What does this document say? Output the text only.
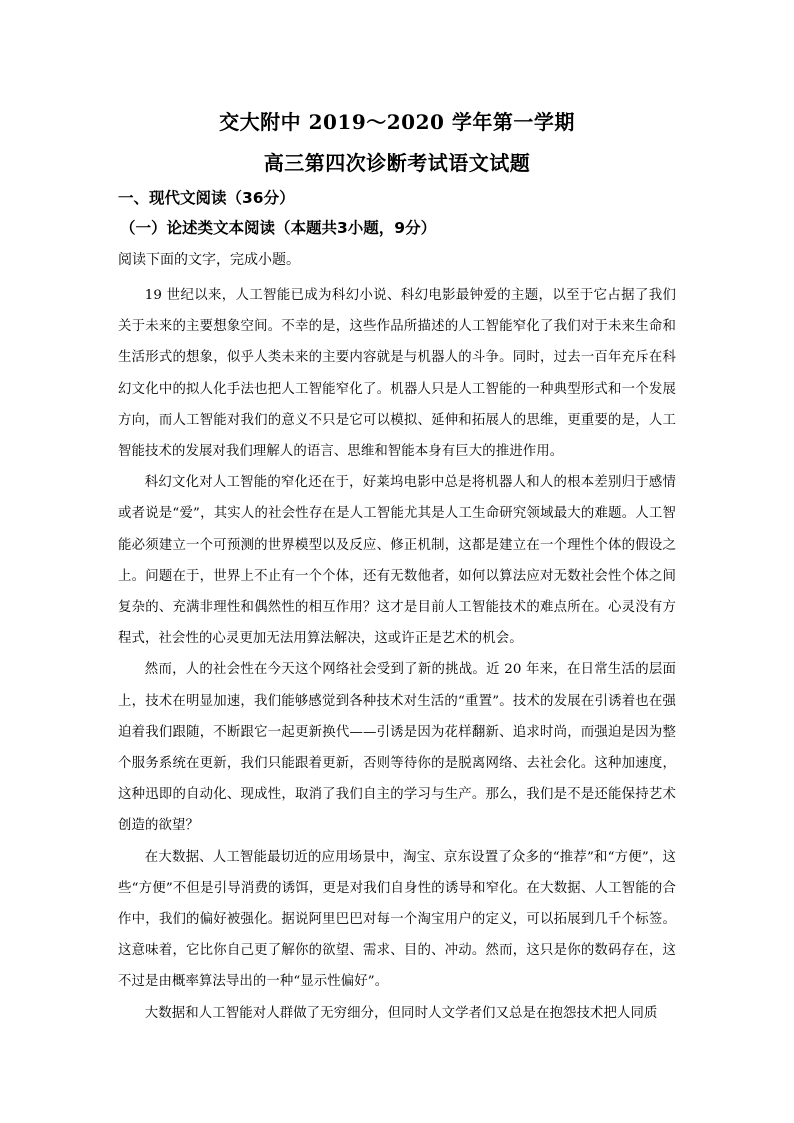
交大附中 2019～2020 学年第一学期
高三第四次诊断考试语文试题
一、现代文阅读（36分）
（一）论述类文本阅读（本题共3小题，9分）
阅读下面的文字，完成小题。

19 世纪以来，人工智能已成为科幻小说、科幻电影最钟爱的主题，以至于它占据了我们关于未来的主要想象空间。不幸的是，这些作品所描述的人工智能窄化了我们对于未来生命和生活形式的想象，似乎人类未来的主要内容就是与机器人的斗争。同时，过去一百年充斥在科幻文化中的拟人化手法也把人工智能窄化了。机器人只是人工智能的一种典型形式和一个发展方向，而人工智能对我们的意义不只是它可以模拟、延伸和拓展人的思维，更重要的是，人工智能技术的发展对我们理解人的语言、思维和智能本身有巨大的推进作用。

科幻文化对人工智能的窄化还在于，好莱坞电影中总是将机器人和人的根本差别归于感情或者说是“爱”，其实人的社会性存在是人工智能尤其是人工生命研究领域最大的难题。人工智能必须建立一个可预测的世界模型以及反应、修正机制，这都是建立在一个理性个体的假设之上。问题在于，世界上不止有一个个体，还有无数他者，如何以算法应对无数社会性个体之间复杂的、充满非理性和偶然性的相互作用？这才是目前人工智能技术的难点所在。心灵没有方程式，社会性的心灵更加无法用算法解决，这或许正是艺术的机会。

然而，人的社会性在今天这个网络社会受到了新的挑战。近 20 年来，在日常生活的层面上，技术在明显加速，我们能够感觉到各种技术对生活的“重置”。技术的发展在引诱着也在强迫着我们跟随，不断跟它一起更新换代——引诱是因为花样翻新、追求时尚，而强迫是因为整个服务系统在更新，我们只能跟着更新，否则等待你的是脱离网络、去社会化。这种加速度，这种迅即的自动化、现成性，取消了我们自主的学习与生产。那么，我们是不是还能保持艺术创造的欲望？

在大数据、人工智能最切近的应用场景中，淘宝、京东设置了众多的“推荐”和“方便”，这些“方便”不但是引导消费的诱饵，更是对我们自身性的诱导和窄化。在大数据、人工智能的合作中，我们的偏好被强化。据说阿里巴巴对每一个淘宝用户的定义，可以拓展到几千个标签。这意味着，它比你自己更了解你的欲望、需求、目的、冲动。然而，这只是你的数码存在，这不过是由概率算法导出的一种“显示性偏好”。

大数据和人工智能对人群做了无穷细分，但同时人文学者们又总是在抱怨技术把人同质
